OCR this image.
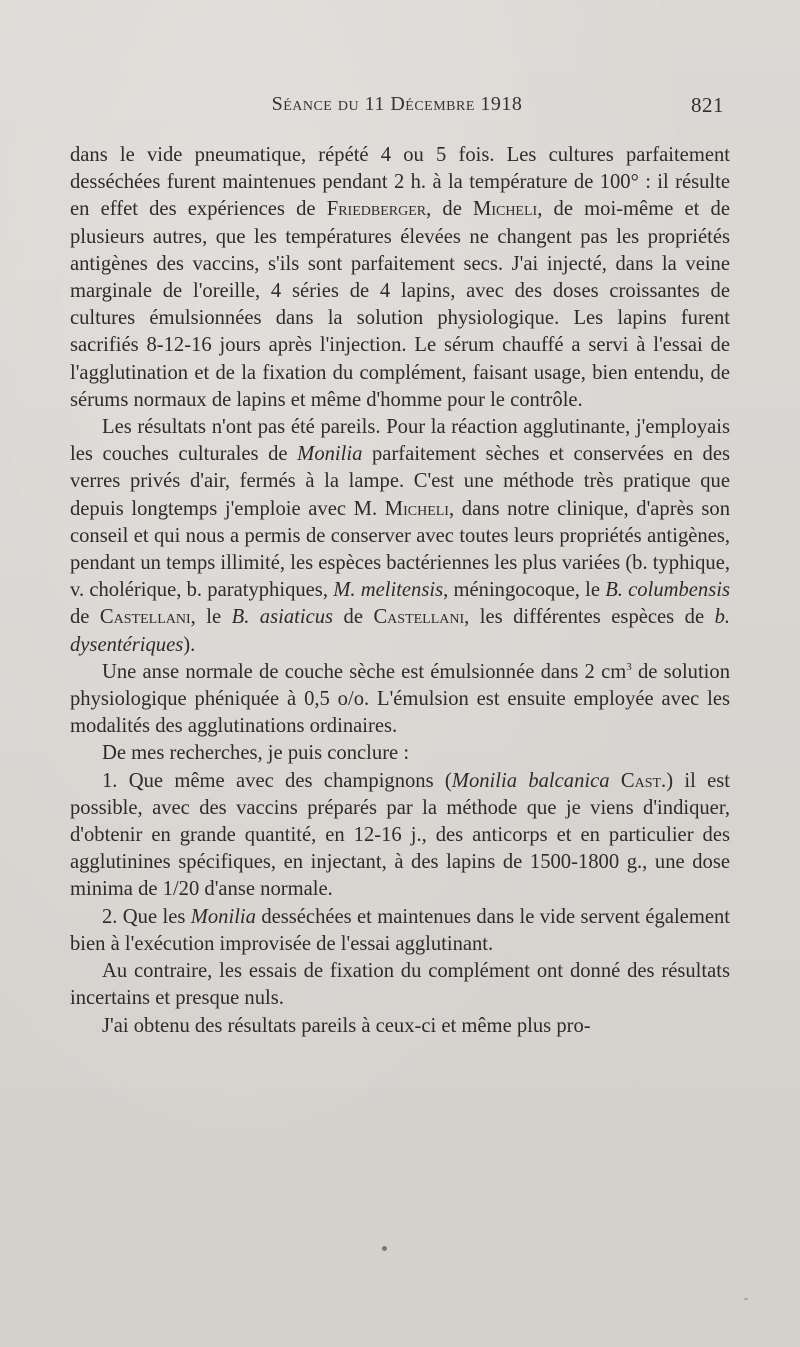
Séance du 11 Décembre 1918	821

dans le vide pneumatique, répété 4 ou 5 fois. Les cultures parfaitement desséchées furent maintenues pendant 2 h. à la température de 100° : il résulte en effet des expériences de Friedberger, de Micheli, de moi-même et de plusieurs autres, que les températures élevées ne changent pas les propriétés antigènes des vaccins, s'ils sont parfaitement secs. J'ai injecté, dans la veine marginale de l'oreille, 4 séries de 4 lapins, avec des doses croissantes de cultures émulsionnées dans la solution physiologique. Les lapins furent sacrifiés 8-12-16 jours après l'injection. Le sérum chauffé a servi à l'essai de l'agglutination et de la fixation du complément, faisant usage, bien entendu, de sérums normaux de lapins et même d'homme pour le contrôle.

Les résultats n'ont pas été pareils. Pour la réaction agglutinante, j'employais les couches culturales de Monilia parfaitement sèches et conservées en des verres privés d'air, fermés à la lampe. C'est une méthode très pratique que depuis longtemps j'emploie avec M. Micheli, dans notre clinique, d'après son conseil et qui nous a permis de conserver avec toutes leurs propriétés antigènes, pendant un temps illimité, les espèces bactériennes les plus variées (b. typhique, v. cholérique, b. paratyphiques, M. melitensis, méningocoque, le B. columbensis de Castellani, le B. asiaticus de Castellani, les différentes espèces de b. dysentériques).

Une anse normale de couche sèche est émulsionnée dans 2 $cm^3$ de solution physiologique phéniquée à 0,5 o/o. L'émulsion est ensuite employée avec les modalités des agglutinations ordinaires.

De mes recherches, je puis conclure :

1. Que même avec des champignons (Monilia balcanica Cast.) il est possible, avec des vaccins préparés par la méthode que je viens d'indiquer, d'obtenir en grande quantité, en 12-16 j., des anticorps et en particulier des agglutinines spécifiques, en injectant, à des lapins de 1500-1800 g., une dose minima de 1/20 d'anse normale.

2. Que les Monilia desséchées et maintenues dans le vide servent également bien à l'exécution improvisée de l'essai agglutinant.

Au contraire, les essais de fixation du complément ont donné des résultats incertains et presque nuls.

J'ai obtenu des résultats pareils à ceux-ci et même plus pro-
